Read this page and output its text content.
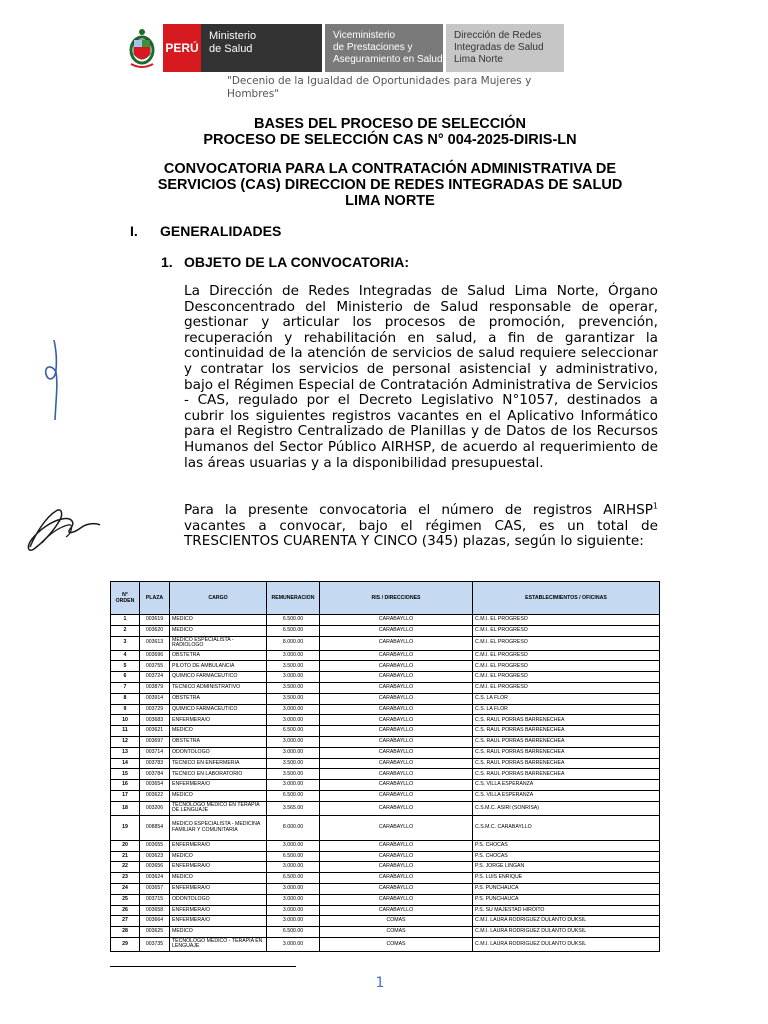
PERÚ
Ministerio
de Salud
Viceministerio
de Prestaciones y
Aseguramiento en Salud
Dirección de Redes
Integradas de Salud
Lima Norte
"Decenio de la Igualdad de Oportunidades para Mujeres y Hombres"
BASES DEL PROCESO DE SELECCIÓN
PROCESO DE SELECCIÓN CAS N° 004-2025-DIRIS-LN
CONVOCATORIA PARA LA CONTRATACIÓN ADMINISTRATIVA DE
SERVICIOS (CAS) DIRECCION DE REDES INTEGRADAS DE SALUD
LIMA NORTE
I. GENERALIDADES
1. OBJETO DE LA CONVOCATORIA:
La Dirección de Redes Integradas de Salud Lima Norte, Órgano Desconcentrado del Ministerio de Salud responsable de operar, gestionar y articular los procesos de promoción, prevención, recuperación y rehabilitación en salud, a fin de garantizar la continuidad de la atención de servicios de salud requiere seleccionar y contratar los servicios de personal asistencial y administrativo, bajo el Régimen Especial de Contratación Administrativa de Servicios - CAS, regulado por el Decreto Legislativo N°1057, destinados a cubrir los siguientes registros vacantes en el Aplicativo Informático para el Registro Centralizado de Planillas y de Datos de los Recursos Humanos del Sector Público AIRHSP, de acuerdo al requerimiento de las áreas usuarias y a la disponibilidad presupuestal.
Para la presente convocatoria el número de registros AIRHSP$^1$ vacantes a convocar, bajo el régimen CAS, es un total de TRESCIENTOS CUARENTA Y CINCO (345) plazas, según lo siguiente:
N° ORDEN	PLAZA	CARGO	REMUNERACION	RIS / DIRECCIONES	ESTABLECIMIENTOS / OFICINAS
1	003619	MEDICO	6.500.00	CARABAYLLO	C.M.I. EL PROGRESO
2	003620	MEDICO	6.500.00	CARABAYLLO	C.M.I. EL PROGRESO
3	003613	MEDICO ESPECIALISTA - RADIOLOGO	8.000.00	CARABAYLLO	C.M.I. EL PROGRESO
4	003696	OBSTETRA	3.000.00	CARABAYLLO	C.M.I. EL PROGRESO
5	003755	PILOTO DE AMBULANCIA	3.500.00	CARABAYLLO	C.M.I. EL PROGRESO
6	003724	QUIMICO FARMACEUTICO	3.000.00	CARABAYLLO	C.M.I. EL PROGRESO
7	003879	TECNICO ADMINISTRATIVO	3.500.00	CARABAYLLO	C.M.I. EL PROGRESO
8	003914	OBSTETRA	3.500.00	CARABAYLLO	C.S. LA FLOR
9	003729	QUIMICO FARMACEUTICO	3.000.00	CARABAYLLO	C.S. LA FLOR
10	003683	ENFERMERA/O	3.000.00	CARABAYLLO	C.S. RAUL PORRAS BARRENECHEA
11	003621	MEDICO	6.500.00	CARABAYLLO	C.S. RAUL PORRAS BARRENECHEA
12	003697	OBSTETRA	3.000.00	CARABAYLLO	C.S. RAUL PORRAS BARRENECHEA
13	003714	ODONTOLOGO	3.000.00	CARABAYLLO	C.S. RAUL PORRAS BARRENECHEA
14	003783	TECNICO EN ENFERMERIA	3.500.00	CARABAYLLO	C.S. RAUL PORRAS BARRENECHEA
15	003784	TECNICO EN LABORATORIO	3.500.00	CARABAYLLO	C.S. RAUL PORRAS BARRENECHEA
16	003654	ENFERMERA/O	3.000.00	CARABAYLLO	C.S. VILLA ESPERANZA
17	003622	MEDICO	6.500.00	CARABAYLLO	C.S. VILLA ESPERANZA
18	003206	TECNOLOGO MEDICO EN TERAPIA DE LENGUAJE	3.565.00	CARABAYLLO	C.S.M.C. ASIRI (SONRISA)
19	008854	MEDICO ESPECIALISTA - MEDICINA FAMILIAR Y COMUNITARIA	8.000.00	CARABAYLLO	C.S.M.C. CARABAYLLO
20	003655	ENFERMERA/O	3.000.00	CARABAYLLO	P.S. CHOCAS
21	003623	MEDICO	6.500.00	CARABAYLLO	P.S. CHOCAS
22	003656	ENFERMERA/O	3.000.00	CARABAYLLO	P.S. JORGE LINGAN
23	003624	MEDICO	6.500.00	CARABAYLLO	P.S. LUIS ENRIQUE
24	003657	ENFERMERA/O	3.000.00	CARABAYLLO	P.S. PUNCHAUCA
25	003715	ODONTOLOGO	3.000.00	CARABAYLLO	P.S. PUNCHAUCA
26	003658	ENFERMERA/O	3.000.00	CARABAYLLO	P.S. SU MAJESTAD HIROITO
27	003664	ENFERMERA/O	3.000.00	COMAS	C.M.I. LAURA RODRIGUEZ DULANTO DUKSIL
28	003625	MEDICO	6.500.00	COMAS	C.M.I. LAURA RODRIGUEZ DULANTO DUKSIL
29	003735	TECNOLOGO MEDICO - TERAPIA EN LENGUAJE	3.000.00	COMAS	C.M.I. LAURA RODRIGUEZ DULANTO DUKSIL
1
